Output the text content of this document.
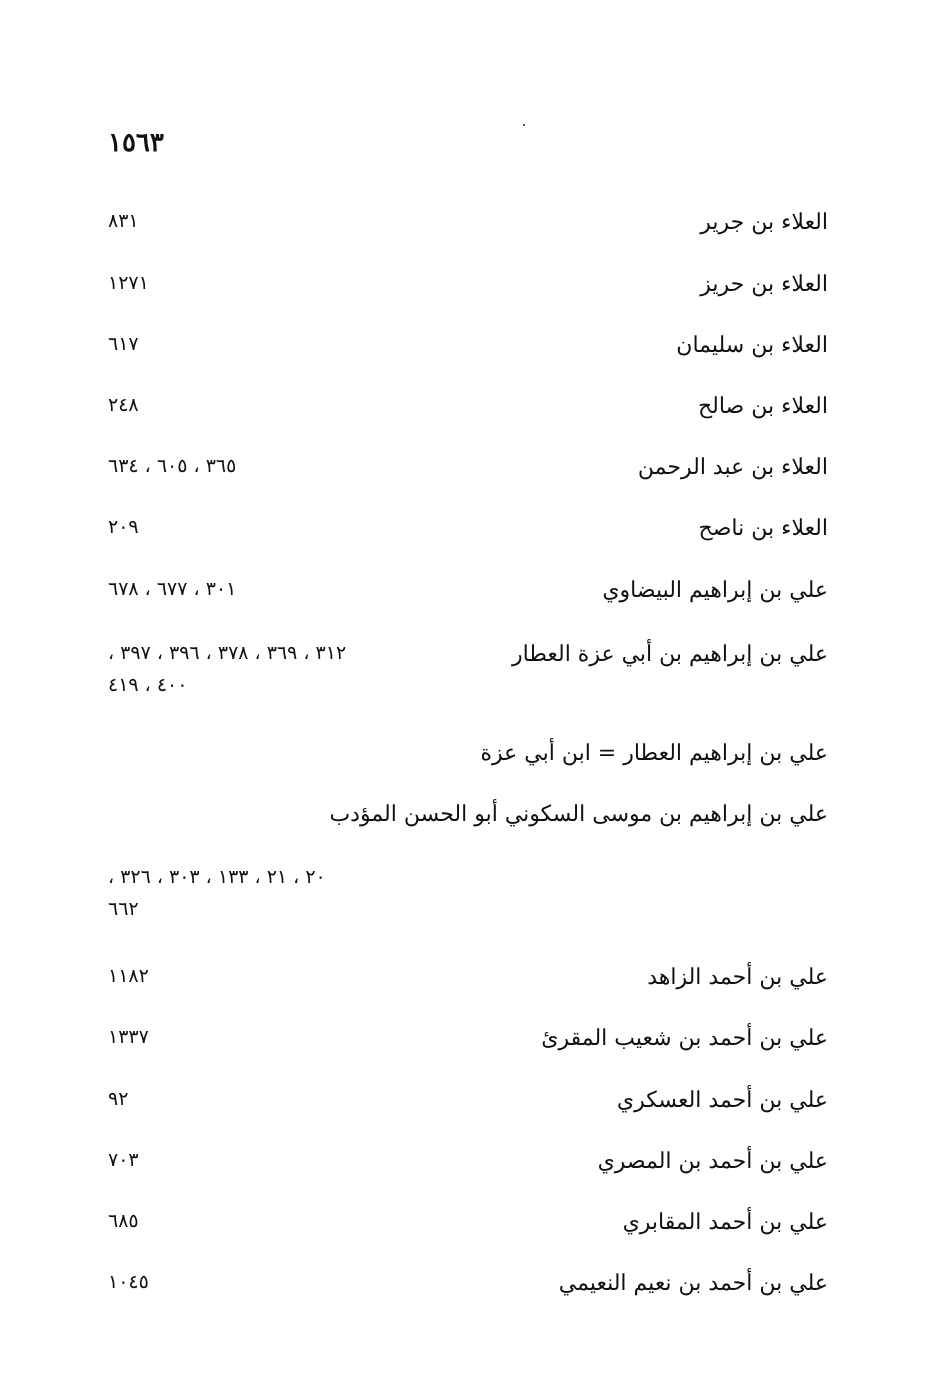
١٥٦٣
العلاء بن جرير
٨٣١
العلاء بن حريز
١٢٧١
العلاء بن سليمان
٦١٧
العلاء بن صالح
٢٤٨
العلاء بن عبد الرحمن
٣٦٥ ، ٦٠٥ ، ٦٣٤
العلاء بن ناصح
٢٠٩
علي بن إبراهيم البيضاوي
٣٠١ ، ٦٧٧ ، ٦٧٨
علي بن إبراهيم بن أبي عزة العطار
٣١٢ ، ٣٦٩ ، ٣٧٨ ، ٣٩٦ ، ٣٩٧ ،
٤٠٠ ، ٤١٩
علي بن إبراهيم العطار = ابن أبي عزة
علي بن إبراهيم بن موسى السكوني أبو الحسن المؤدب
٢٠ ، ٢١ ، ١٣٣ ، ٣٠٣ ، ٣٢٦ ،
٦٦٢
علي بن أحمد الزاهد
١١٨٢
علي بن أحمد بن شعيب المقرئ
١٣٣٧
علي بن أحمد العسكري
٩٢
علي بن أحمد بن المصري
٧٠٣
علي بن أحمد المقابري
٦٨٥
علي بن أحمد بن نعيم النعيمي
١٠٤٥
